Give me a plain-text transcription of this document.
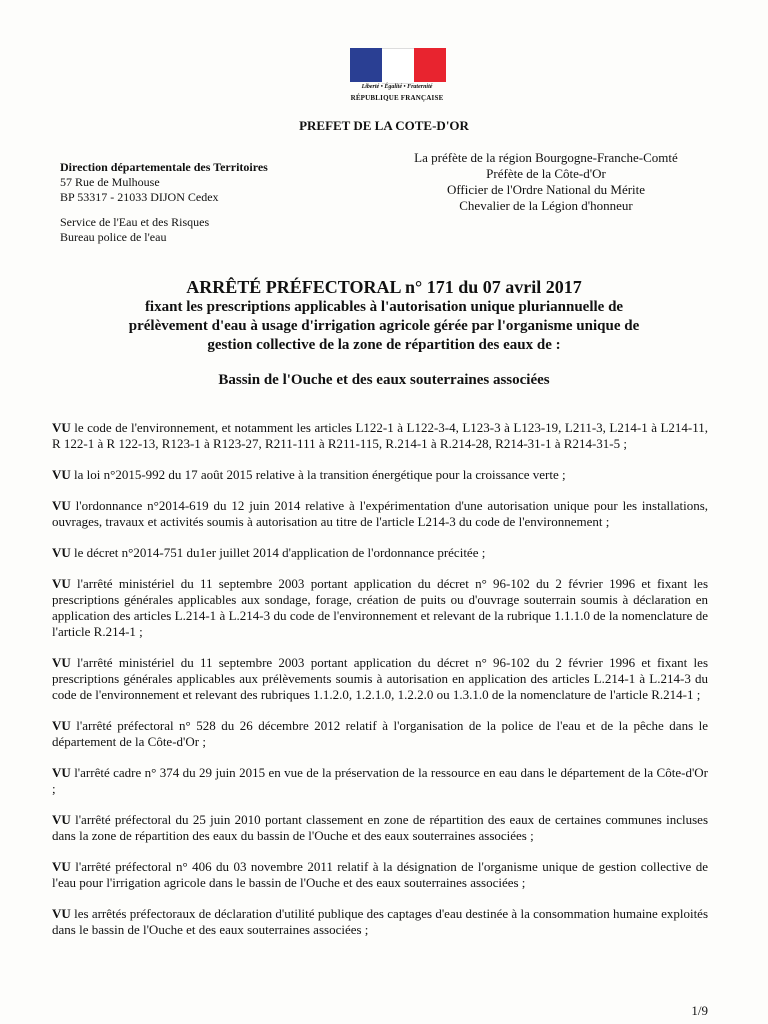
Liberté • Égalité • Fraternité
RÉPUBLIQUE FRANÇAISE
PREFET DE LA COTE-D'OR
Direction départementale des Territoires
57 Rue de Mulhouse
BP 53317 - 21033 DIJON Cedex
Service de l'Eau et des Risques
Bureau police de l'eau
La préfète de la région Bourgogne-Franche-Comté
Préfète de la Côte-d'Or
Officier de l'Ordre National du Mérite
Chevalier de la Légion d'honneur
ARRÊTÉ PRÉFECTORAL n° 171 du 07 avril 2017
fixant les prescriptions applicables à l'autorisation unique pluriannuelle de
prélèvement d'eau à usage d'irrigation agricole gérée par l'organisme unique de
gestion collective de la zone de répartition des eaux de :
Bassin de l'Ouche et des eaux souterraines associées

VU le code de l'environnement, et notamment les articles L122-1 à L122-3-4, L123-3 à L123-19, L211-3, L214-1 à L214-11, R 122-1 à R 122-13, R123-1 à R123-27, R211-111 à R211-115, R.214-1 à R.214-28, R214-31-1 à R214-31-5 ;

VU la loi n°2015-992 du 17 août 2015 relative à la transition énergétique pour la croissance verte ;

VU l'ordonnance n°2014-619 du 12 juin 2014 relative à l'expérimentation d'une autorisation unique pour les installations, ouvrages, travaux et activités soumis à autorisation au titre de l'article L214-3 du code de l'environnement ;

VU le décret n°2014-751 du1er juillet 2014 d'application de l'ordonnance précitée ;

VU l'arrêté ministériel du 11 septembre 2003 portant application du décret n° 96-102 du 2 février 1996 et fixant les prescriptions générales applicables aux sondage, forage, création de puits ou d'ouvrage souterrain soumis à déclaration en application des articles L.214-1 à L.214-3 du code de l'environnement et relevant de la rubrique 1.1.1.0 de la nomenclature de l'article R.214-1 ;

VU l'arrêté ministériel du 11 septembre 2003 portant application du décret n° 96-102 du 2 février 1996 et fixant les prescriptions générales applicables aux prélèvements soumis à autorisation en application des articles L.214-1 à L.214-3 du code de l'environnement et relevant des rubriques 1.1.2.0, 1.2.1.0, 1.2.2.0 ou 1.3.1.0 de la nomenclature de l'article R.214-1 ;

VU l'arrêté préfectoral n° 528 du 26 décembre 2012 relatif à l'organisation de la police de l'eau et de la pêche dans le département de la Côte-d'Or ;

VU l'arrêté cadre n° 374 du 29 juin 2015 en vue de la préservation de la ressource en eau dans le département de la Côte-d'Or ;

VU l'arrêté préfectoral du 25 juin 2010 portant classement en zone de répartition des eaux de certaines communes incluses dans la zone de répartition des eaux du bassin de l'Ouche et des eaux souterraines associées ;

VU l'arrêté préfectoral n° 406 du 03 novembre 2011 relatif à la désignation de l'organisme unique de gestion collective de l'eau pour l'irrigation agricole dans le bassin de l'Ouche et des eaux souterraines associées ;

VU les arrêtés préfectoraux de déclaration d'utilité publique des captages d'eau destinée à la consommation humaine exploités dans le bassin de l'Ouche et des eaux souterraines associées ;

1/9
